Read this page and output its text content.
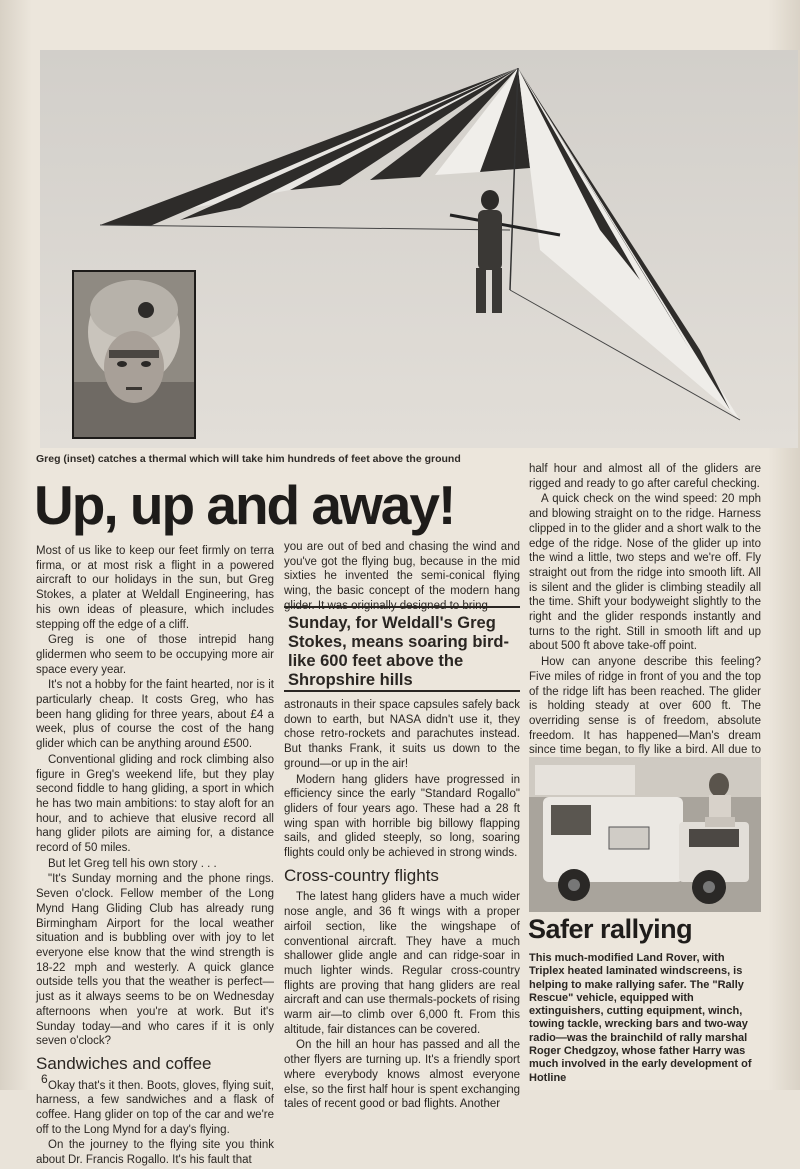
Greg (inset) catches a thermal which will take him hundreds of feet above the ground
Up, up and away!

Most of us like to keep our feet firmly on terra firma, or at most risk a flight in a powered aircraft to our holidays in the sun, but Greg Stokes, a plater at Weldall Engineering, has his own ideas of pleasure, which includes stepping off the edge of a cliff.

Greg is one of those intrepid hang glidermen who seem to be occupying more air space every year.

It's not a hobby for the faint hearted, nor is it particularly cheap. It costs Greg, who has been hang gliding for three years, about £4 a week, plus of course the cost of the hang glider which can be anything around £500.

Conventional gliding and rock climbing also figure in Greg's weekend life, but they play second fiddle to hang gliding, a sport in which he has two main ambitions: to stay aloft for an hour, and to achieve that elusive record all hang glider pilots are aiming for, a distance record of 50 miles.

But let Greg tell his own story . . .

"It's Sunday morning and the phone rings. Seven o'clock. Fellow member of the Long Mynd Hang Gliding Club has already rung Birmingham Airport for the local weather situation and is bubbling over with joy to let everyone else know that the wind strength is 18-22 mph and westerly. A quick glance outside tells you that the weather is perfect—just as it always seems to be on Wednesday afternoons when you're at work. But it's Sunday today—and who cares if it is only seven o'clock?

Sandwiches and coffee

Okay that's it then. Boots, gloves, flying suit, harness, a few sandwiches and a flask of coffee. Hang glider on top of the car and we're off to the Long Mynd for a day's flying.

On the journey to the flying site you think about Dr. Francis Rogallo. It's his fault that

you are out of bed and chasing the wind and you've got the flying bug, because in the mid sixties he invented the semi-conical flying wing, the basic concept of the modern hang glider. It was originally designed to bring

Sunday, for Weldall's Greg Stokes, means soaring bird-like 600 feet above the Shropshire hills

astronauts in their space capsules safely back down to earth, but NASA didn't use it, they chose retro-rockets and parachutes instead. But thanks Frank, it suits us down to the ground—or up in the air!

Modern hang gliders have progressed in efficiency since the early "Standard Rogallo" gliders of four years ago. These had a 28 ft wing span with horrible big billowy flapping sails, and glided steeply, so long, soaring flights could only be achieved in strong winds.

Cross-country flights

The latest hang gliders have a much wider nose angle, and 36 ft wings with a proper airfoil section, like the wingshape of conventional aircraft. They have a much shallower glide angle and can ridge-soar in much lighter winds. Regular cross-country flights are proving that hang gliders are real aircraft and can use thermals-pockets of rising warm air—to climb over 6,000 ft. From this altitude, fair distances can be covered.

On the hill an hour has passed and all the other flyers are turning up. It's a friendly sport where everybody knows almost everyone else, so the first half hour is spent exchanging tales of recent good or bad flights. Another

half hour and almost all of the gliders are rigged and ready to go after careful checking.

A quick check on the wind speed: 20 mph and blowing straight on to the ridge. Harness clipped in to the glider and a short walk to the edge of the ridge. Nose of the glider up into the wind a little, two steps and we're off. Fly straight out from the ridge into smooth lift. All is silent and the glider is climbing steadily all the time. Shift your bodyweight slightly to the right and the glider responds instantly and turns to the right. Still in smooth lift and up about 500 ft above take-off point.

How can anyone describe this feeling? Five miles of ridge in front of you and the top of the ridge lift has been reached. The glider is holding steady at over 600 ft. The overriding sense is of freedom, absolute freedom. It has happened—Man's dream since time began, to fly like a bird. All due to

Safer rallying
This much-modified Land Rover, with Triplex heated laminated windscreens, is helping to make rallying safer. The "Rally Rescue" vehicle, equipped with extinguishers, cutting equipment, winch, towing tackle, wrecking bars and two-way radio—was the brainchild of rally marshal Roger Chedgzoy, whose father Harry was much involved in the early development of Hotline
6
